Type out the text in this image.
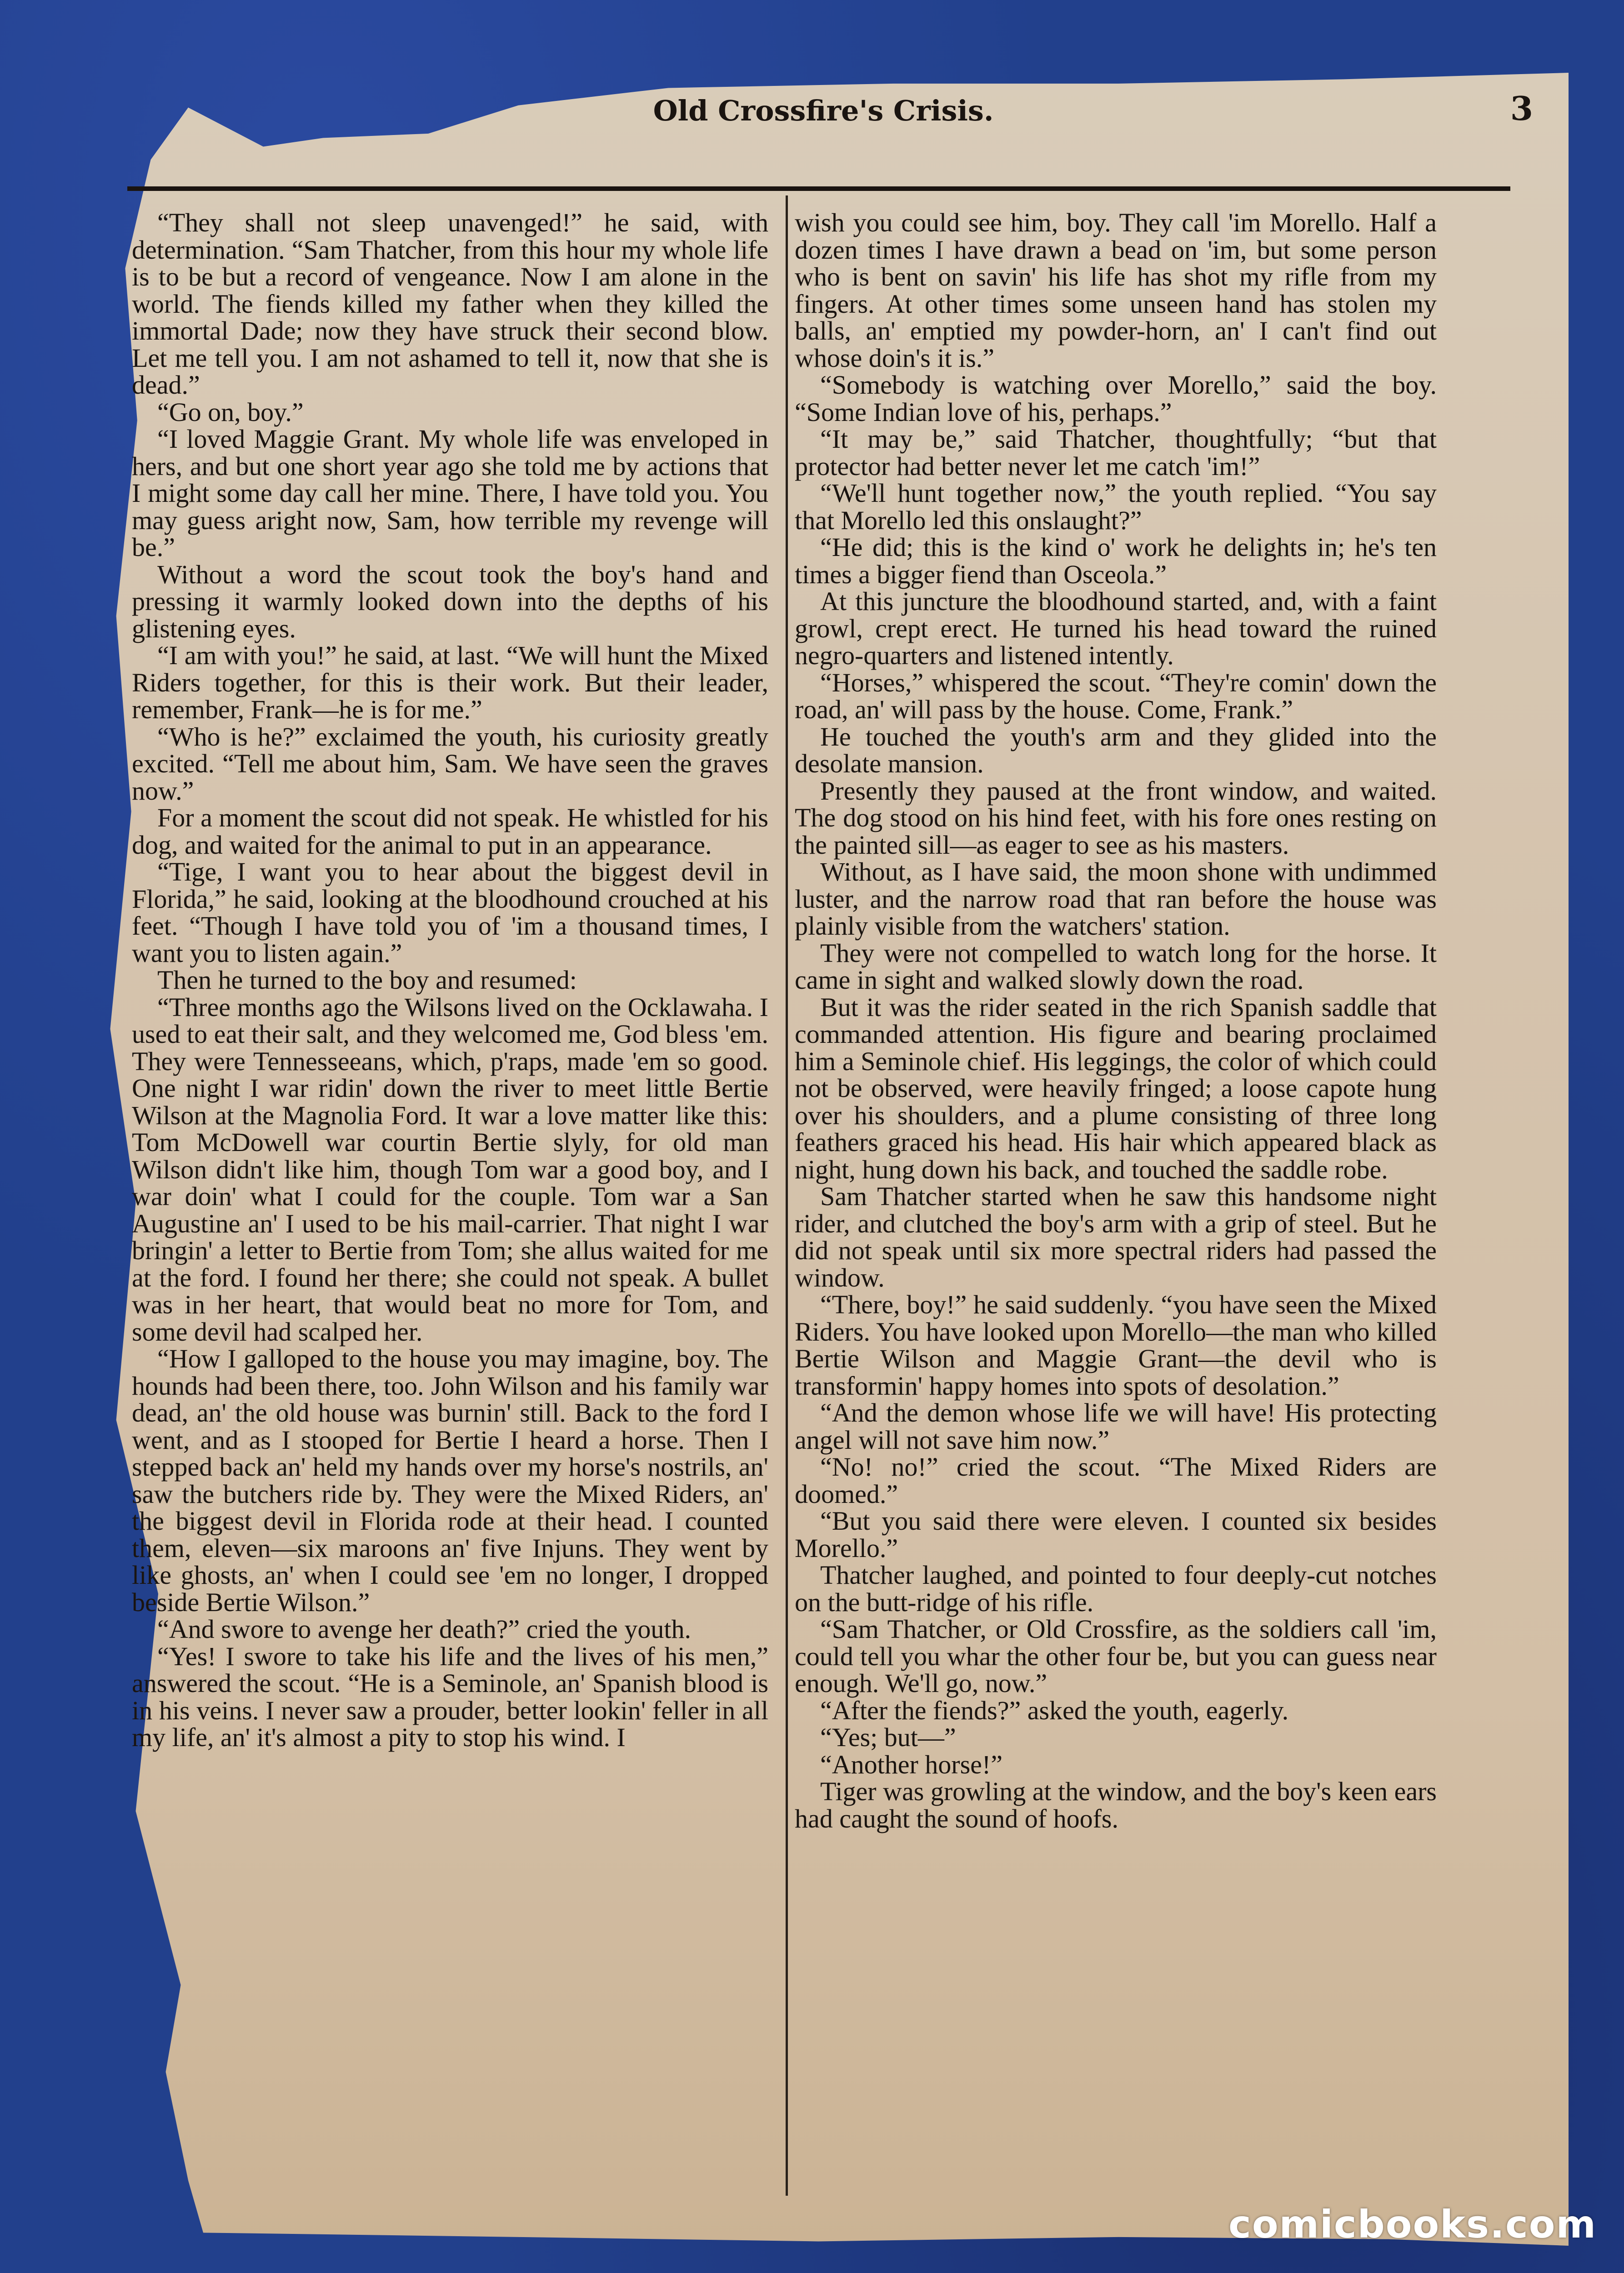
Old Crossfire's Crisis.	3

“They shall not sleep unavenged!” he said, with determination. “Sam Thatcher, from this hour my whole life is to be but a record of vengeance. Now I am alone in the world. The fiends killed my father when they killed the immortal Dade; now they have struck their second blow. Let me tell you. I am not ashamed to tell it, now that she is dead.”

“Go on, boy.”

“I loved Maggie Grant. My whole life was enveloped in hers, and but one short year ago she told me by actions that I might some day call her mine. There, I have told you. You may guess aright now, Sam, how terrible my revenge will be.”

Without a word the scout took the boy's hand and pressing it warmly looked down into the depths of his glistening eyes.

“I am with you!” he said, at last. “We will hunt the Mixed Riders together, for this is their work. But their leader, remember, Frank—he is for me.”

“Who is he?” exclaimed the youth, his curiosity greatly excited. “Tell me about him, Sam. We have seen the graves now.”

For a moment the scout did not speak. He whistled for his dog, and waited for the animal to put in an appearance.

“Tige, I want you to hear about the biggest devil in Florida,” he said, looking at the bloodhound crouched at his feet. “Though I have told you of 'im a thousand times, I want you to listen again.”

Then he turned to the boy and resumed:

“Three months ago the Wilsons lived on the Ocklawaha. I used to eat their salt, and they welcomed me, God bless 'em. They were Tennesseeans, which, p'raps, made 'em so good. One night I war ridin' down the river to meet little Bertie Wilson at the Magnolia Ford. It war a love matter like this: Tom McDowell war courtin Bertie slyly, for old man Wilson didn't like him, though Tom war a good boy, and I war doin' what I could for the couple. Tom war a San Augustine an' I used to be his mail-carrier. That night I war bringin' a letter to Bertie from Tom; she allus waited for me at the ford. I found her there; she could not speak. A bullet was in her heart, that would beat no more for Tom, and some devil had scalped her.

“How I galloped to the house you may imagine, boy. The hounds had been there, too. John Wilson and his family war dead, an' the old house was burnin' still. Back to the ford I went, and as I stooped for Bertie I heard a horse. Then I stepped back an' held my hands over my horse's nostrils, an' saw the butchers ride by. They were the Mixed Riders, an' the biggest devil in Florida rode at their head. I counted them, eleven—six maroons an' five Injuns. They went by like ghosts, an' when I could see 'em no longer, I dropped beside Bertie Wilson.”

“And swore to avenge her death?” cried the youth.

“Yes! I swore to take his life and the lives of his men,” answered the scout. “He is a Seminole, an' Spanish blood is in his veins. I never saw a prouder, better lookin' feller in all my life, an' it's almost a pity to stop his wind. I

wish you could see him, boy. They call 'im Morello. Half a dozen times I have drawn a bead on 'im, but some person who is bent on savin' his life has shot my rifle from my fingers. At other times some unseen hand has stolen my balls, an' emptied my powder-horn, an' I can't find out whose doin's it is.”

“Somebody is watching over Morello,” said the boy. “Some Indian love of his, perhaps.”

“It may be,” said Thatcher, thoughtfully; “but that protector had better never let me catch 'im!”

“We'll hunt together now,” the youth replied. “You say that Morello led this onslaught?”

“He did; this is the kind o' work he delights in; he's ten times a bigger fiend than Osceola.”

At this juncture the bloodhound started, and, with a faint growl, crept erect. He turned his head toward the ruined negro-quarters and listened intently.

“Horses,” whispered the scout. “They're comin' down the road, an' will pass by the house. Come, Frank.”

He touched the youth's arm and they glided into the desolate mansion.

Presently they paused at the front window, and waited. The dog stood on his hind feet, with his fore ones resting on the painted sill—as eager to see as his masters.

Without, as I have said, the moon shone with undimmed luster, and the narrow road that ran before the house was plainly visible from the watchers' station.

They were not compelled to watch long for the horse. It came in sight and walked slowly down the road.

But it was the rider seated in the rich Spanish saddle that commanded attention. His figure and bearing proclaimed him a Seminole chief. His leggings, the color of which could not be observed, were heavily fringed; a loose capote hung over his shoulders, and a plume consisting of three long feathers graced his head. His hair which appeared black as night, hung down his back, and touched the saddle robe.

Sam Thatcher started when he saw this handsome night rider, and clutched the boy's arm with a grip of steel. But he did not speak until six more spectral riders had passed the window.

“There, boy!” he said suddenly. “you have seen the Mixed Riders. You have looked upon Morello—the man who killed Bertie Wilson and Maggie Grant—the devil who is transformin' happy homes into spots of desolation.”

“And the demon whose life we will have! His protecting angel will not save him now.”

“No! no!” cried the scout. “The Mixed Riders are doomed.”

“But you said there were eleven. I counted six besides Morello.”

Thatcher laughed, and pointed to four deeply-cut notches on the butt-ridge of his rifle.

“Sam Thatcher, or Old Crossfire, as the soldiers call 'im, could tell you whar the other four be, but you can guess near enough. We'll go, now.”

“After the fiends?” asked the youth, eagerly.

“Yes; but—”

“Another horse!”

Tiger was growling at the window, and the boy's keen ears had caught the sound of hoofs.

comicbooks.com
